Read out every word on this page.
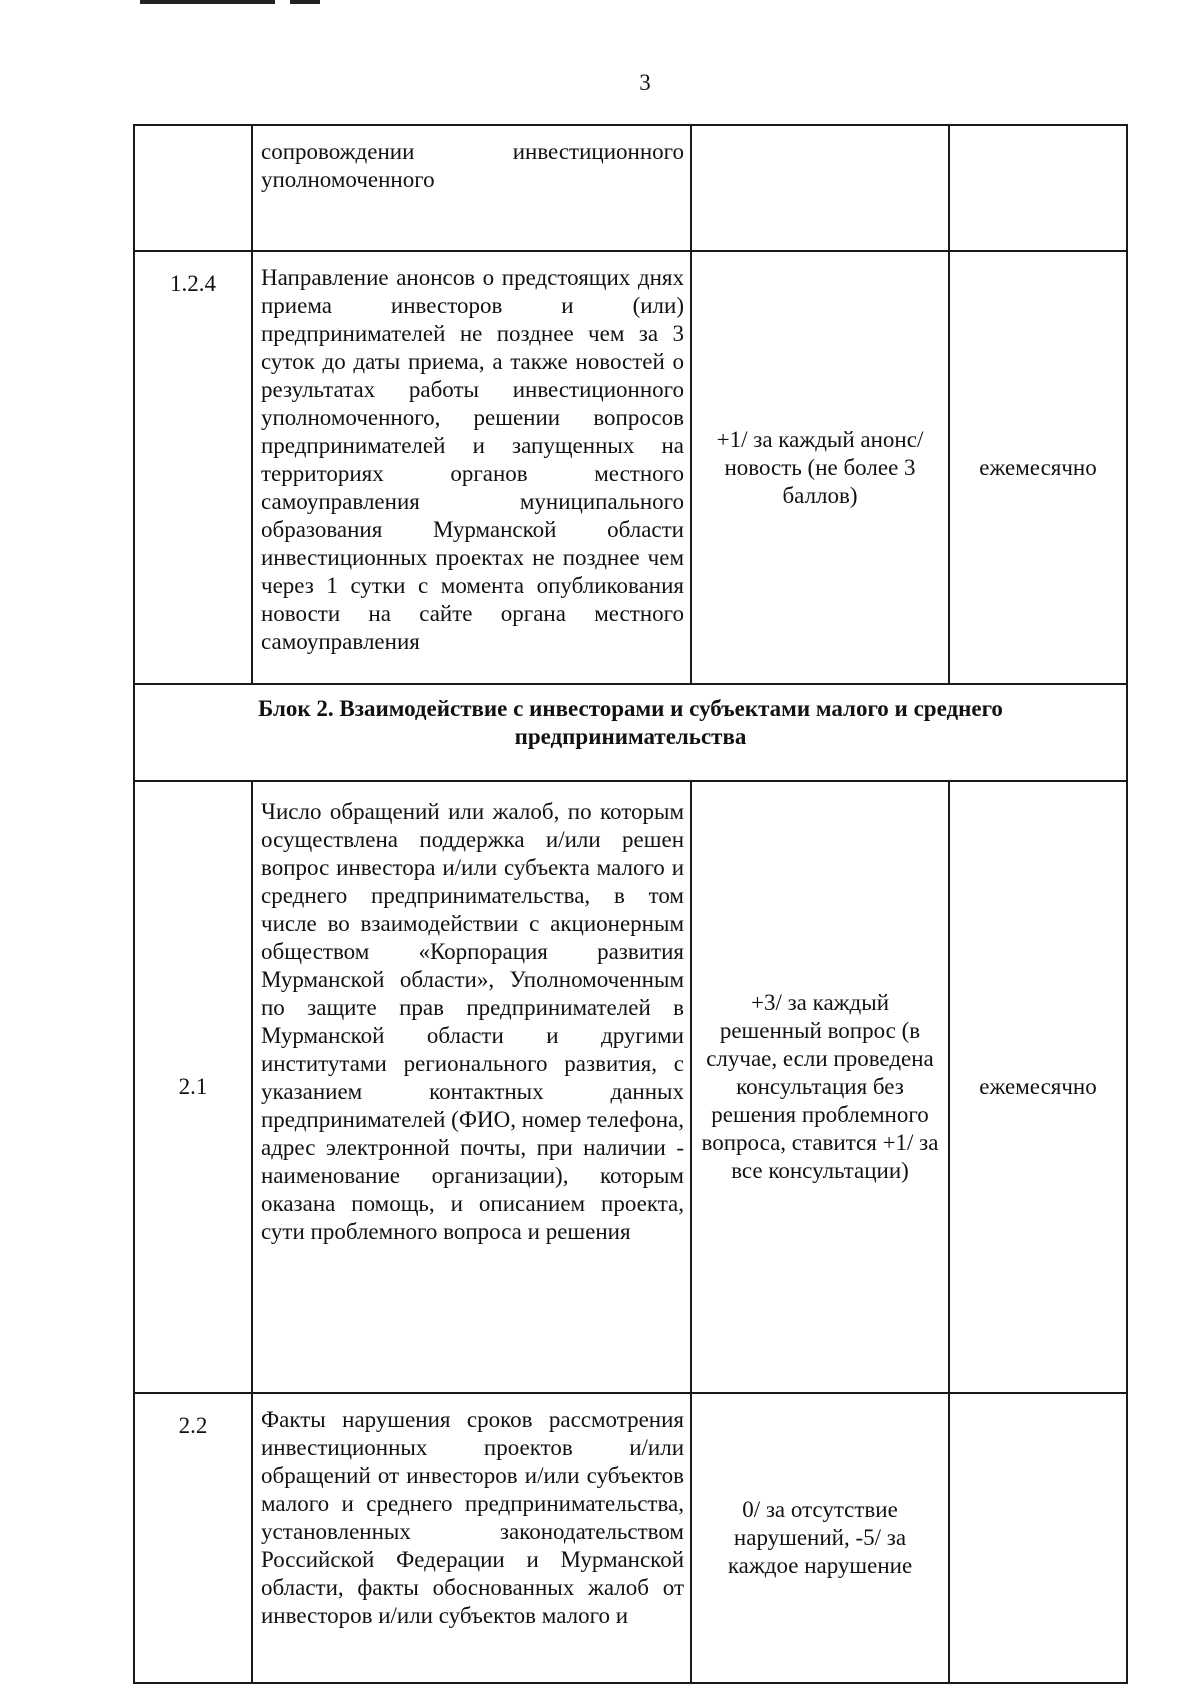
3
	сопровождении инвестиционного уполномоченного		
1.2.4	Направление анонсов о предстоящих днях приема инвесторов и (или) предпринимателей не позднее чем за 3 суток до даты приема, а также новостей о результатах работы инвестиционного уполномоченного, решении вопросов предпринимателей и запущенных на территориях органов местного самоуправления муниципального образования Мурманской области инвестиционных проектах не позднее чем через 1 сутки с момента опубликования новости на сайте органа местного самоуправления	+1/ за каждый анонс/ новость (не более 3 баллов)	ежемесячно
Блок 2. Взаимодействие с инвесторами и субъектами малого и среднего предпринимательства			
2.1	Число обращений или жалоб, по которым осуществлена поддержка и/или решен вопрос инвестора и/или субъекта малого и среднего предпринимательства, в том числе во взаимодействии с акционерным обществом «Корпорация развития Мурманской области», Уполномоченным по защите прав предпринимателей в Мурманской области и другими институтами регионального развития, с указанием контактных данных предпринимателей (ФИО, номер телефона, адрес электронной почты, при наличии - наименование организации), которым оказана помощь, и описанием проекта, сути проблемного вопроса и решения	+3/ за каждый решенный вопрос (в случае, если проведена консультация без решения проблемного вопроса, ставится +1/ за все консультации)	ежемесячно
2.2	Факты нарушения сроков рассмотрения инвестиционных проектов и/или обращений от инвесторов и/или субъектов малого и среднего предпринимательства, установленных законодательством Российской Федерации и Мурманской области, факты обоснованных жалоб от инвесторов и/или субъектов малого и	0/ за отсутствие нарушений, -5/ за каждое нарушение	
